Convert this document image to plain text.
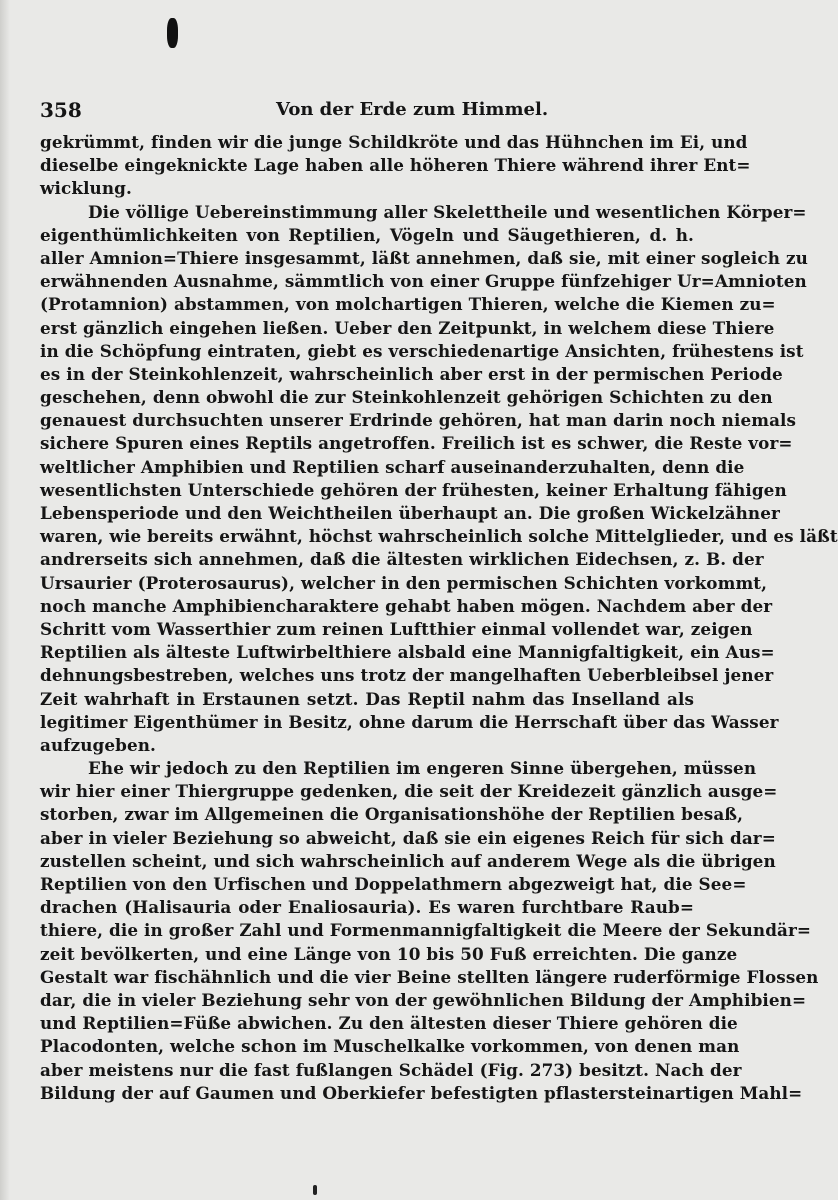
358	Von der Erde zum Himmel.
gekrümmt, finden wir die junge Schildkröte und das Hühnchen im Ei, und
dieselbe eingeknickte Lage haben alle höheren Thiere während ihrer Ent=
wicklung.
Die völlige Uebereinstimmung aller Skelettheile und wesentlichen Körper=
eigenthümlichkeiten von Reptilien, Vögeln und Säugethieren, d. h.
aller Amnion=Thiere insgesammt, läßt annehmen, daß sie, mit einer sogleich zu
erwähnenden Ausnahme, sämmtlich von einer Gruppe fünfzehiger Ur=Amnioten
(Protamnion) abstammen, von molchartigen Thieren, welche die Kiemen zu=
erst gänzlich eingehen ließen. Ueber den Zeitpunkt, in welchem diese Thiere
in die Schöpfung eintraten, giebt es verschiedenartige Ansichten, frühestens ist
es in der Steinkohlenzeit, wahrscheinlich aber erst in der permischen Periode
geschehen, denn obwohl die zur Steinkohlenzeit gehörigen Schichten zu den
genauest durchsuchten unserer Erdrinde gehören, hat man darin noch niemals
sichere Spuren eines Reptils angetroffen. Freilich ist es schwer, die Reste vor=
weltlicher Amphibien und Reptilien scharf auseinanderzuhalten, denn die
wesentlichsten Unterschiede gehören der frühesten, keiner Erhaltung fähigen
Lebensperiode und den Weichtheilen überhaupt an. Die großen Wickelzähner
waren, wie bereits erwähnt, höchst wahrscheinlich solche Mittelglieder, und es läßt
andrerseits sich annehmen, daß die ältesten wirklichen Eidechsen, z. B. der
Ursaurier (Proterosaurus), welcher in den permischen Schichten vorkommt,
noch manche Amphibiencharaktere gehabt haben mögen. Nachdem aber der
Schritt vom Wasserthier zum reinen Luftthier einmal vollendet war, zeigen
Reptilien als älteste Luftwirbelthiere alsbald eine Mannigfaltigkeit, ein Aus=
dehnungsbestreben, welches uns trotz der mangelhaften Ueberbleibsel jener
Zeit wahrhaft in Erstaunen setzt. Das Reptil nahm das Inselland als
legitimer Eigenthümer in Besitz, ohne darum die Herrschaft über das Wasser
aufzugeben.
Ehe wir jedoch zu den Reptilien im engeren Sinne übergehen, müssen
wir hier einer Thiergruppe gedenken, die seit der Kreidezeit gänzlich ausge=
storben, zwar im Allgemeinen die Organisationshöhe der Reptilien besaß,
aber in vieler Beziehung so abweicht, daß sie ein eigenes Reich für sich dar=
zustellen scheint, und sich wahrscheinlich auf anderem Wege als die übrigen
Reptilien von den Urfischen und Doppelathmern abgezweigt hat, die See=
drachen (Halisauria oder Enaliosauria). Es waren furchtbare Raub=
thiere, die in großer Zahl und Formenmannigfaltigkeit die Meere der Sekundär=
zeit bevölkerten, und eine Länge von 10 bis 50 Fuß erreichten. Die ganze
Gestalt war fischähnlich und die vier Beine stellten längere ruderförmige Flossen
dar, die in vieler Beziehung sehr von der gewöhnlichen Bildung der Amphibien=
und Reptilien=Füße abwichen. Zu den ältesten dieser Thiere gehören die
Placodonten, welche schon im Muschelkalke vorkommen, von denen man
aber meistens nur die fast fußlangen Schädel (Fig. 273) besitzt. Nach der
Bildung der auf Gaumen und Oberkiefer befestigten pflastersteinartigen Mahl=
